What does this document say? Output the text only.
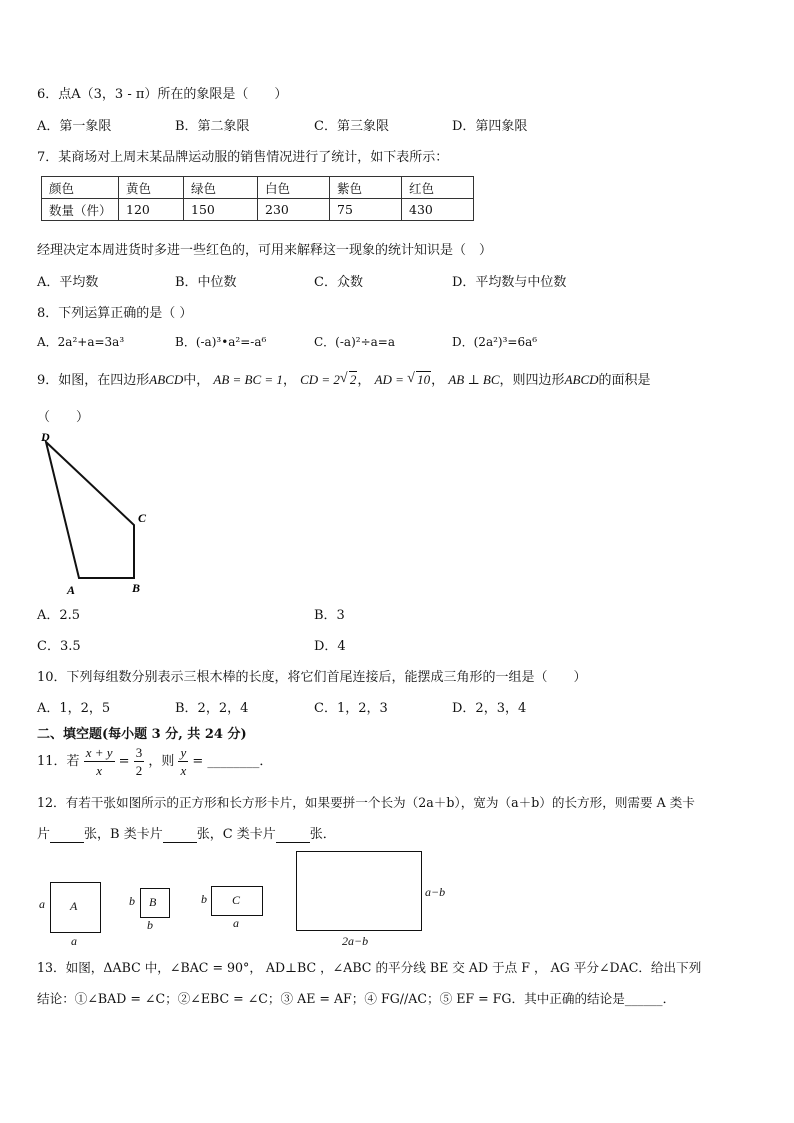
6．点A（3，3 - π）所在的象限是（　　）
A．第一象限	B．第二象限	C．第三象限	D．第四象限
7．某商场对上周末某品牌运动服的销售情况进行了统计，如下表所示：
颜色	黄色	绿色	白色	紫色	红色
数量（件）	120	150	230	75	430
经理决定本周进货时多进一些红色的，可用来解释这一现象的统计知识是（　）
A．平均数	B．中位数	C．众数	D．平均数与中位数
8．下列运算正确的是（ ）
A．2a²+a=3a³	B．(-a)³•a²=-a⁶	C．(-a)²÷a=a	D．(2a²)³=6a⁶
9．如图，在四边形ABCD中， AB = BC = 1， CD = 2 √ 2， AD = √ 10， AB ⊥ BC，则四边形ABCD的面积是
（　　）
D
C
A	B
A．2.5	B．3
C．3.5	D．4
10．下列每组数分别表示三根木棒的长度，将它们首尾连接后，能摆成三角形的一组是（　　）
A．1，2，5	B．2，2，4	C．1，2，3	D．2，3，4
二、填空题(每小题 3 分, 共 24 分)
11．若 $\frac{x + y}{x} = \frac{3}{2}$ ，则 $\frac{y}{x}$ = ________．
12．有若干张如图所示的正方形和长方形卡片，如果要拼一个长为（2a＋b），宽为（a＋b）的长方形，则需要 A 类卡
片	张，B 类卡片	张，C 类卡片	张．
A
a
a
B
b
b
C
b
a
a−b
2a−b
13．如图，ΔABC 中，∠BAC = 90°， AD⊥BC ，∠ABC 的平分线 BE 交 AD 于点 F ， AG 平分∠DAC．给出下列
结论：①∠BAD = ∠C；②∠EBC = ∠C；③ AE = AF；④ FG//AC；⑤ EF = FG．其中正确的结论是______．
